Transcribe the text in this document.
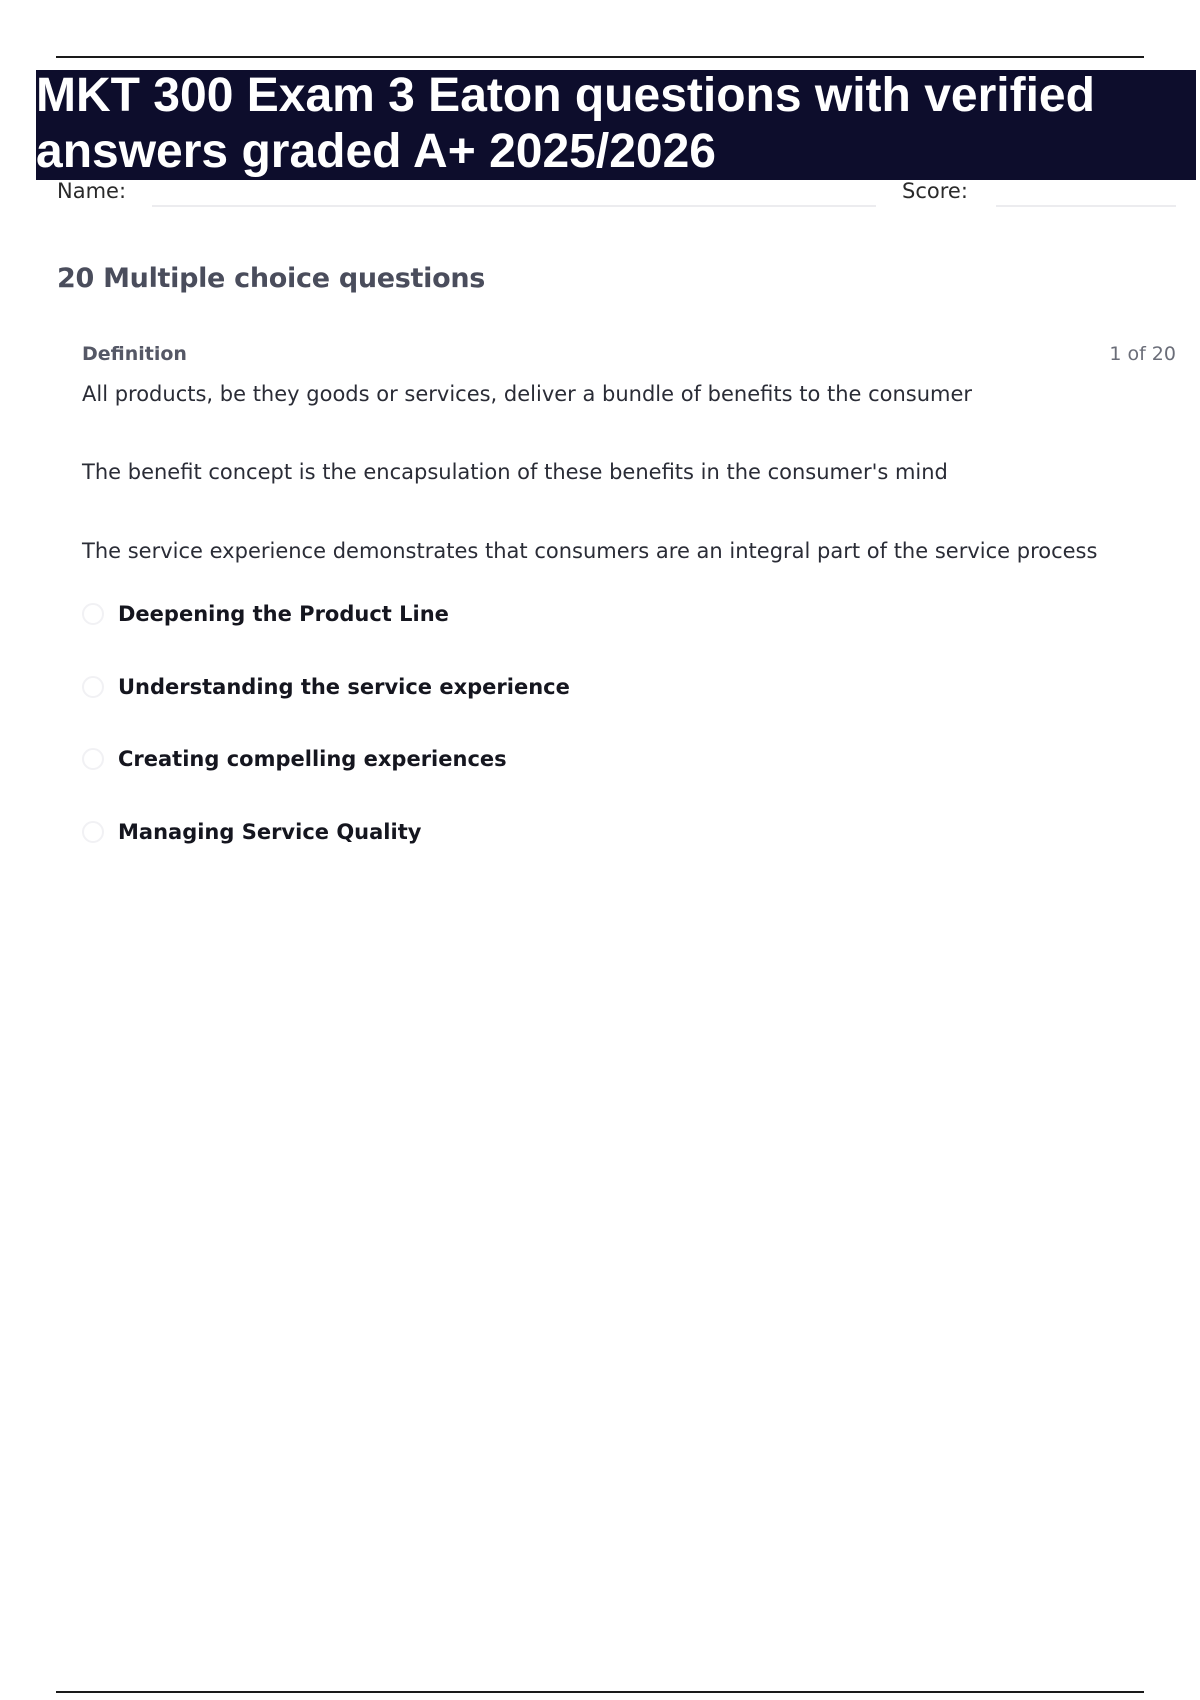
MKT 300 Exam 3 Eaton questions with verified answers graded A+ 2025/2026
Name:	Score:
20 Multiple choice questions
Definition	1 of 20
All products, be they goods or services, deliver a bundle of benefits to the consumer
The benefit concept is the encapsulation of these benefits in the consumer's mind
The service experience demonstrates that consumers are an integral part of the service process
Deepening the Product Line
Understanding the service experience
Creating compelling experiences
Managing Service Quality
